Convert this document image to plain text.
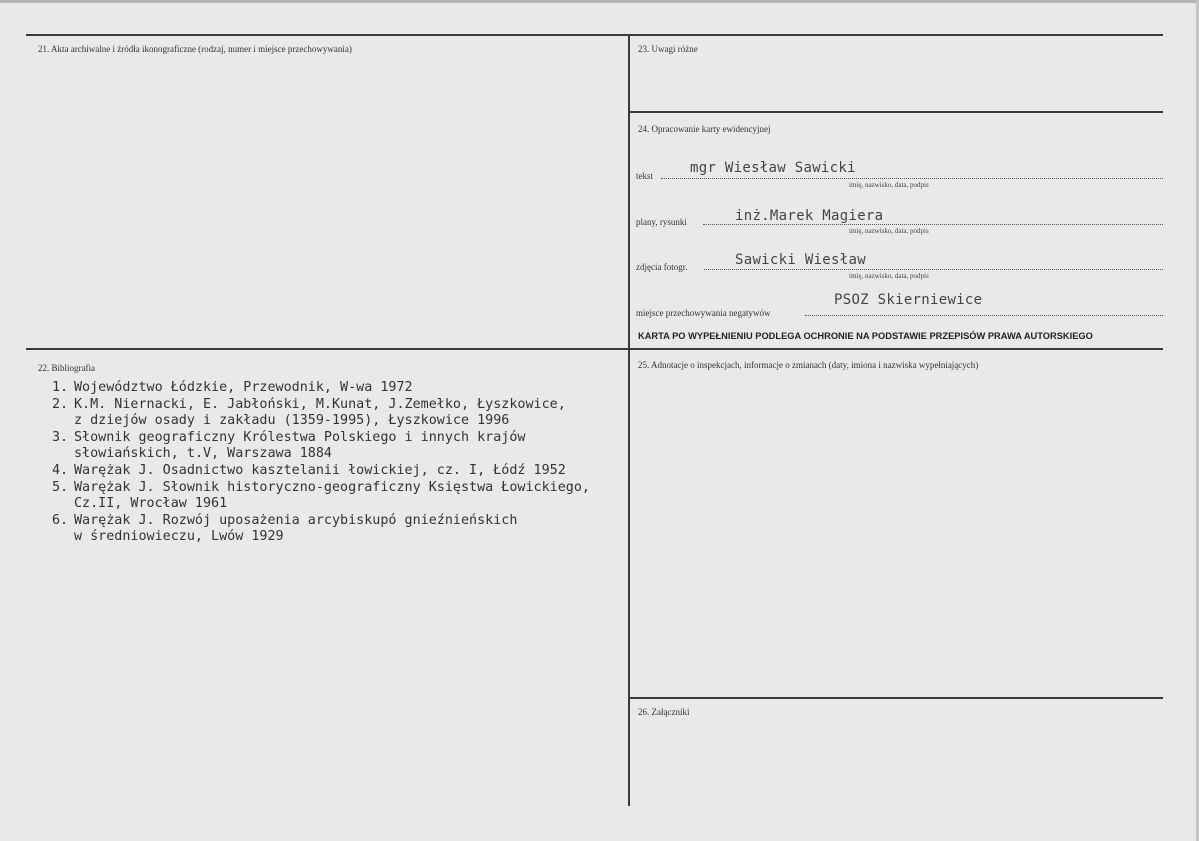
21. Akta archiwalne i źródła ikonograficzne (rodzaj, numer i miejsce przechowywania)	23. Uwagi różne
24. Opracowanie karty ewidencyjnej
22. Bibliografia	25. Adnotacje o inspekcjach, informacje o zmianach (daty, imiona i nazwiska wypełniających)
26. Załączniki
tekst	mgr Wiesław Sawicki
imię, nazwisko, data, podpis
plany, rysunki	inż.Marek Magiera
imię, nazwisko, data, podpis
zdjęcia fotogr.	Sawicki Wiesław
imię, nazwisko, data, podpis
miejsce przechowywania negatywów
PSOZ Skierniewice
KARTA PO WYPEŁNIENIU PODLEGA OCHRONIE NA PODSTAWIE PRZEPISÓW PRAWA AUTORSKIEGO
1. Województwo Łódzkie, Przewodnik, W-wa 1972
2. K.M. Niernacki, E. Jabłoński, M.Kunat, J.Zemełko, Łyszkowice,
z dziejów osady i zakładu (1359-1995), Łyszkowice 1996
3. Słownik geograficzny Królestwa Polskiego i innych krajów
słowiańskich, t.V, Warszawa 1884
4. Warężak J. Osadnictwo kasztelanii łowickiej, cz. I, Łódź 1952
5. Warężak J. Słownik historyczno-geograficzny Księstwa Łowickiego,
Cz.II, Wrocław 1961
6. Warężak J. Rozwój uposażenia arcybiskupó gnieźnieńskich
w średniowieczu, Lwów 1929
